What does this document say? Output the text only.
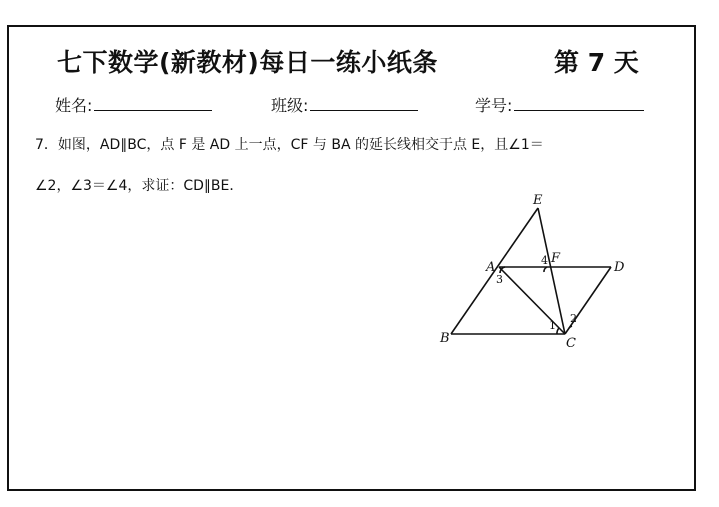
七下数学(新教材)每日一练小纸条	第 7 天
姓名:	班级:	学号:
7．如图，AD∥BC，点 F 是 AD 上一点，CF 与 BA 的延长线相交于点 E，且∠1＝
∠2，∠3＝∠4，求证：CD∥BE．
E
A
F
D
B	C
1
2
3
4
